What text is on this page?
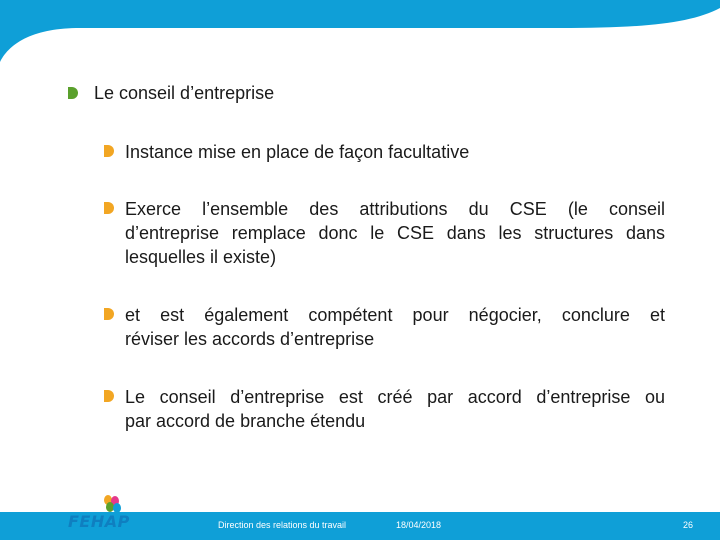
Le conseil d’entreprise
Instance mise en place de façon facultative
Exerce l’ensemble des attributions du CSE (le conseil
d’entreprise remplace donc le CSE dans les structures dans
lesquelles il existe)
et est également compétent pour négocier, conclure et
réviser les accords d’entreprise
Le conseil d’entreprise est créé par accord d’entreprise ou
par accord de branche étendu
FEHAP	Direction des relations du travail	18/04/2018	26
